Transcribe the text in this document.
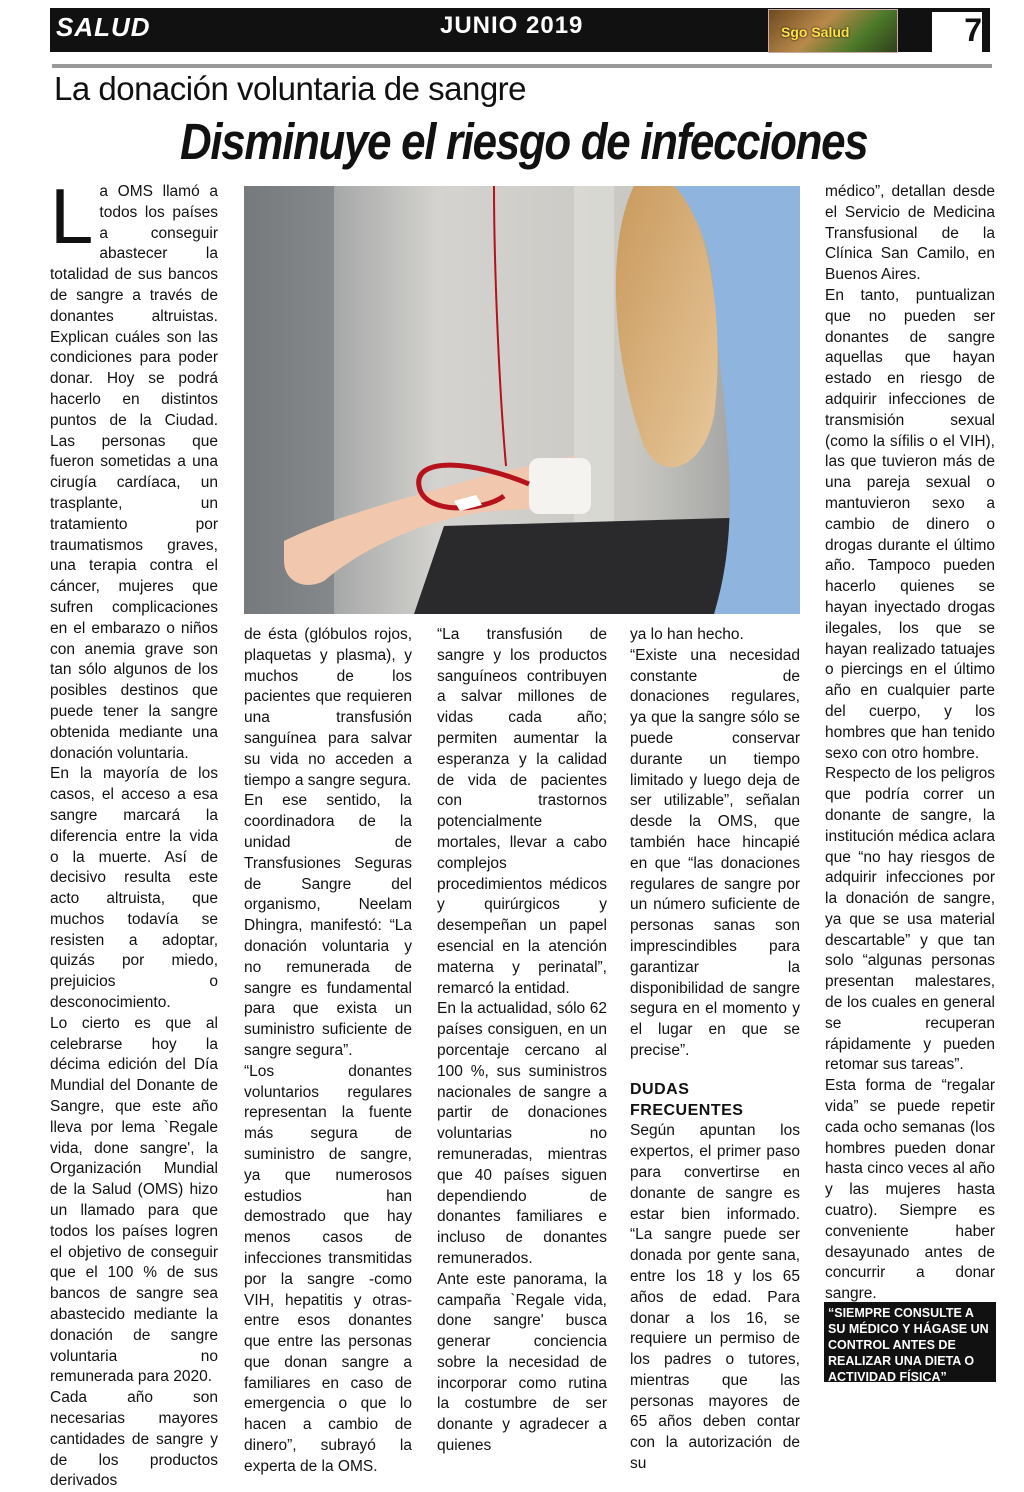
SALUD	JUNIO 2019	Sgo Salud	7
La donación voluntaria de sangre
Disminuye el riesgo de infecciones

La OMS llamó a todos los países a conseguir abastecer la totalidad de sus bancos de sangre a través de donantes altruistas. Explican cuáles son las condiciones para poder donar. Hoy se podrá hacerlo en distintos puntos de la Ciudad. Las personas que fueron sometidas a una cirugía cardíaca, un trasplante, un tratamiento por traumatismos graves, una terapia contra el cáncer, mujeres que sufren complicaciones en el embarazo o niños con anemia grave son tan sólo algunos de los posibles destinos que puede tener la sangre obtenida mediante una donación voluntaria.

En la mayoría de los casos, el acceso a esa sangre marcará la diferencia entre la vida o la muerte. Así de decisivo resulta este acto altruista, que muchos todavía se resisten a adoptar, quizás por miedo, prejuicios o desconocimiento.

Lo cierto es que al celebrarse hoy la décima edición del Día Mundial del Donante de Sangre, que este año lleva por lema `Regale vida, done sangre', la Organización Mundial de la Salud (OMS) hizo un llamado para que todos los países logren el objetivo de conseguir que el 100 % de sus bancos de sangre sea abastecido mediante la donación de sangre voluntaria no remunerada para 2020.

Cada año son necesarias mayores cantidades de sangre y de los productos derivados

de ésta (glóbulos rojos, plaquetas y plasma), y muchos de los pacientes que requieren una transfusión sanguínea para salvar su vida no acceden a tiempo a sangre segura.

En ese sentido, la coordinadora de la unidad de Transfusiones Seguras de Sangre del organismo, Neelam Dhingra, manifestó: “La donación voluntaria y no remunerada de sangre es fundamental para que exista un suministro suficiente de sangre segura”.

“Los donantes voluntarios regulares representan la fuente más segura de suministro de sangre, ya que numerosos estudios han demostrado que hay menos casos de infecciones transmitidas por la sangre -como VIH, hepatitis y otras- entre esos donantes que entre las personas que donan sangre a familiares en caso de emergencia o que lo hacen a cambio de dinero”, subrayó la experta de la OMS.

“La transfusión de sangre y los productos sanguíneos contribuyen a salvar millones de vidas cada año; permiten aumentar la esperanza y la calidad de vida de pacientes con trastornos potencialmente mortales, llevar a cabo complejos procedimientos médicos y quirúrgicos y desempeñan un papel esencial en la atención materna y perinatal”, remarcó la entidad.

En la actualidad, sólo 62 países consiguen, en un porcentaje cercano al 100 %, sus suministros nacionales de sangre a partir de donaciones voluntarias no remuneradas, mientras que 40 países siguen dependiendo de donantes familiares e incluso de donantes remunerados.

Ante este panorama, la campaña `Regale vida, done sangre' busca generar conciencia sobre la necesidad de incorporar como rutina la costumbre de ser donante y agradecer a quienes

ya lo han hecho.

“Existe una necesidad constante de donaciones regulares, ya que la sangre sólo se puede conservar durante un tiempo limitado y luego deja de ser utilizable”, señalan desde la OMS, que también hace hincapié en que “las donaciones regulares de sangre por un número suficiente de personas sanas son imprescindibles para garantizar la disponibilidad de sangre segura en el momento y el lugar en que se precise”.

DUDAS FRECUENTES

Según apuntan los expertos, el primer paso para convertirse en donante de sangre es estar bien informado. “La sangre puede ser donada por gente sana, entre los 18 y los 65 años de edad. Para donar a los 16, se requiere un permiso de los padres o tutores, mientras que las personas mayores de 65 años deben contar con la autorización de su

médico”, detallan desde el Servicio de Medicina Transfusional de la Clínica San Camilo, en Buenos Aires.

En tanto, puntualizan que no pueden ser donantes de sangre aquellas que hayan estado en riesgo de adquirir infecciones de transmisión sexual (como la sífilis o el VIH), las que tuvieron más de una pareja sexual o mantuvieron sexo a cambio de dinero o drogas durante el último año. Tampoco pueden hacerlo quienes se hayan inyectado drogas ilegales, los que se hayan realizado tatuajes o piercings en el último año en cualquier parte del cuerpo, y los hombres que han tenido sexo con otro hombre.

Respecto de los peligros que podría correr un donante de sangre, la institución médica aclara que “no hay riesgos de adquirir infecciones por la donación de sangre, ya que se usa material descartable” y que tan solo “algunas personas presentan malestares, de los cuales en general se recuperan rápidamente y pueden retomar sus tareas”.

Esta forma de “regalar vida” se puede repetir cada ocho semanas (los hombres pueden donar hasta cinco veces al año y las mujeres hasta cuatro). Siempre es conveniente haber desayunado antes de concurrir a donar sangre.

“SIEMPRE CONSULTE A SU MÉDICO Y HÁGASE UN CONTROL ANTES DE REALIZAR UNA DIETA O ACTIVIDAD FÍSICA”
